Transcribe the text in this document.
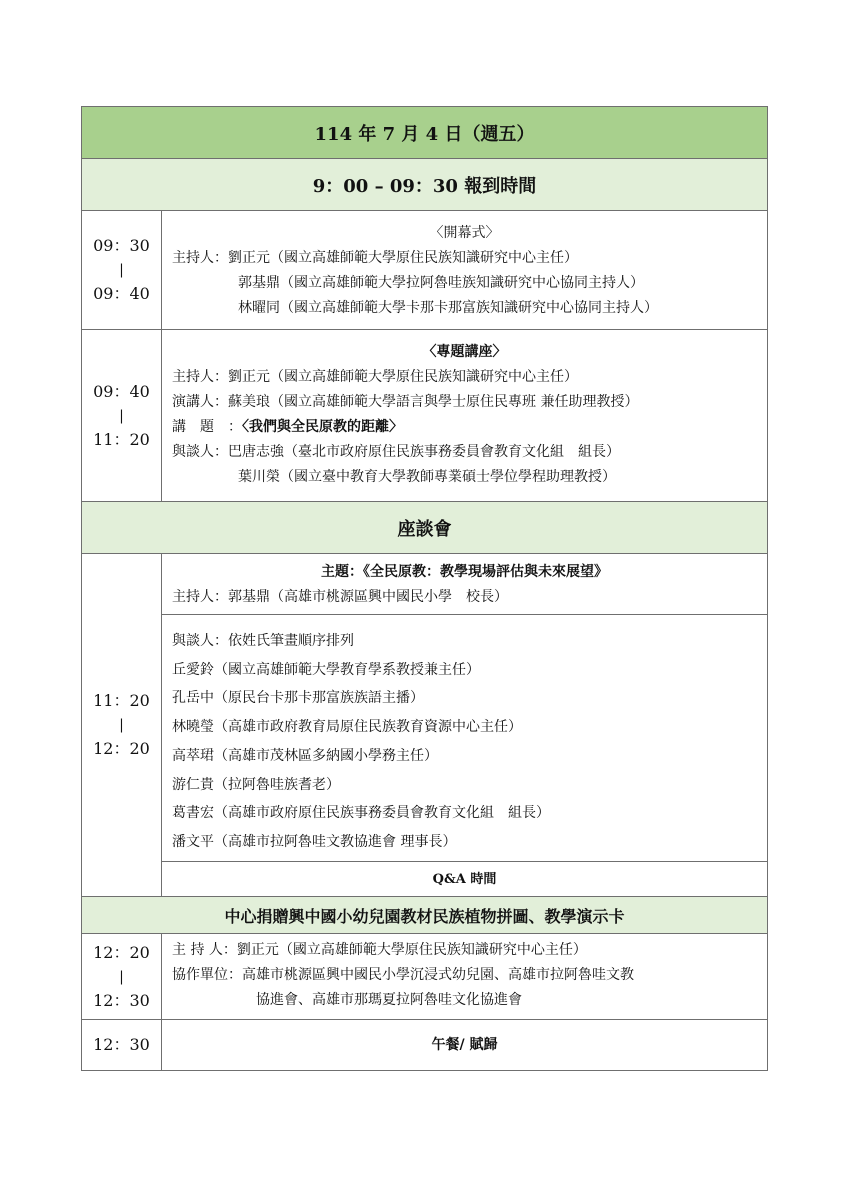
114 年 7 月 4 日（週五）
9：00 – 09：30 報到時間
09：30
|
09：40
〈開幕式〉
主持人：劉正元（國立高雄師範大學原住民族知識研究中心主任）
郭基鼎（國立高雄師範大學拉阿魯哇族知識研究中心協同主持人）
林曜同（國立高雄師範大學卡那卡那富族知識研究中心協同主持人）
09：40
|
11：20
〈專題講座〉
主持人：劉正元（國立高雄師範大學原住民族知識研究中心主任）
演講人：蘇美琅（國立高雄師範大學語言與學士原住民專班 兼任助理教授）
講　題　：〈我們與全民原教的距離〉
與談人：巴唐志強（臺北市政府原住民族事務委員會教育文化組　組長）
葉川榮（國立臺中教育大學教師專業碩士學位學程助理教授）
座談會
11：20
|
12：20
主題：《全民原教：教學現場評估與未來展望》
主持人：郭基鼎（高雄市桃源區興中國民小學　校長）
與談人：依姓氏筆畫順序排列
丘愛鈴（國立高雄師範大學教育學系教授兼主任）
孔岳中（原民台卡那卡那富族族語主播）
林曉瑩（高雄市政府教育局原住民族教育資源中心主任）
高萃珺（高雄市茂林區多納國小學務主任）
游仁貴（拉阿魯哇族耆老）
葛書宏（高雄市政府原住民族事務委員會教育文化組　組長）
潘文平（高雄市拉阿魯哇文教協進會 理事長）
Q&A 時間
中心捐贈興中國小幼兒園教材民族植物拼圖、教學演示卡
12：20
|
12：30
主 持 人：劉正元（國立高雄師範大學原住民族知識研究中心主任）
協作單位：高雄市桃源區興中國民小學沉浸式幼兒園、高雄市拉阿魯哇文教
協進會、高雄市那瑪夏拉阿魯哇文化協進會
12：30	午餐/ 賦歸
